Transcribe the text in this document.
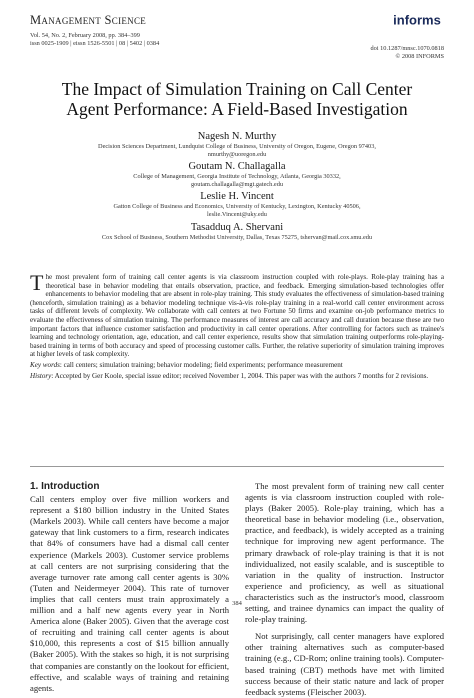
Management Science
Vol. 54, No. 2, February 2008, pp. 384–399
issn 0025-1909 | eissn 1526-5501 | 08 | 5402 | 0384
informs
doi 10.1287/mnsc.1070.0818
© 2008 INFORMS
The Impact of Simulation Training on Call Center
Agent Performance: A Field-Based Investigation
Nagesh N. Murthy
Decision Sciences Department, Lundquist College of Business, University of Oregon, Eugene, Oregon 97403,
nmurthy@uoregon.edu
Goutam N. Challagalla
College of Management, Georgia Institute of Technology, Atlanta, Georgia 30332,
goutam.challagalla@mgt.gatech.edu
Leslie H. Vincent
Gatton College of Business and Economics, University of Kentucky, Lexington, Kentucky 40506,
leslie.Vincent@uky.edu
Tasadduq A. Shervani
Cox School of Business, Southern Methodist University, Dallas, Texas 75275, tshervan@mail.cox.smu.edu
The most prevalent form of training call center agents is via classroom instruction coupled with role-plays. Role-play training has a theoretical base in behavior modeling that entails observation, practice, and feedback. Emerging simulation-based technologies offer enhancements to behavior modeling that are absent in role-play training. This study evaluates the effectiveness of simulation-based training (henceforth, simulation training) as a behavior modeling technique vis-à-vis role-play training in a real-world call center environment across tasks of different levels of complexity. We collaborate with call centers at two Fortune 50 firms and examine on-job performance metrics to evaluate the effectiveness of simulation training. The performance measures of interest are call accuracy and call duration because these are two important factors that influence customer satisfaction and productivity in call center operations. After controlling for factors such as trainee's learning and technology orientation, age, education, and call center experience, results show that simulation training outperforms role-playing-based training in terms of both accuracy and speed of processing customer calls. Further, the relative superiority of simulation training improves at higher levels of task complexity.
Key words: call centers; simulation training; behavior modeling; field experiments; performance measurement
History: Accepted by Ger Koole, special issue editor; received November 1, 2004. This paper was with the authors 7 months for 2 revisions.
1. Introduction

Call centers employ over five million workers and represent a $180 billion industry in the United States (Markels 2003). While call centers have become a major gateway that link customers to a firm, research indicates that 84% of consumers have had a dismal call center experience (Markels 2003). Customer service problems at call centers are not surprising considering that the average turnover rate among call center agents is 30% (Tuten and Neidermeyer 2004). This rate of turnover implies that call centers must train approximately a million and a half new agents every year in North America alone (Baker 2005). Given that the average cost of recruiting and training call center agents is about $10,000, this represents a cost of $15 billion annually (Baker 2005). With the stakes so high, it is not surprising that companies are constantly on the lookout for efficient, effective, and scalable ways of training and retaining agents.

The most prevalent form of training new call center agents is via classroom instruction coupled with role-plays (Baker 2005). Role-play training, which has a theoretical base in behavior modeling (i.e., observation, practice, and feedback), is widely accepted as a training technique for improving new agent performance. The primary drawback of role-play training is that it is not individualized, not easily scalable, and is susceptible to variation in the quality of instruction. Instructor experience and proficiency, as well as situational characteristics such as the instructor's mood, classroom setting, and trainee dynamics can impact the quality of role-play training.

Not surprisingly, call center managers have explored other training alternatives such as computer-based training (e.g., CD-Rom; online training tools). Computer-based training (CBT) methods have met with limited success because of their static nature and lack of proper feedback systems (Fleischer 2003).

384
